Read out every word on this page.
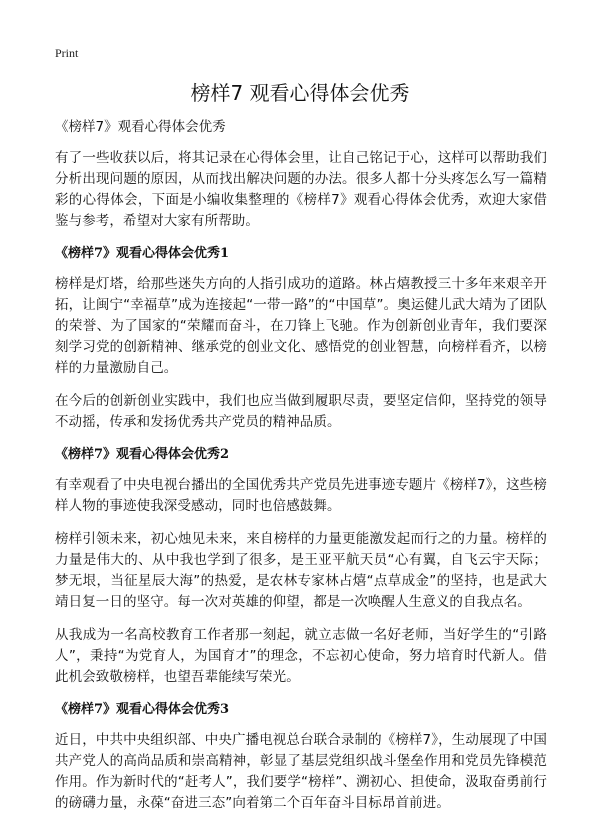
Print
榜样7 观看心得体会优秀

《榜样7》观看心得体会优秀

有了一些收获以后，将其记录在心得体会里，让自己铭记于心，这样可以帮助我们分析出现问题的原因，从而找出解决问题的办法。很多人都十分头疼怎么写一篇精彩的心得体会，下面是小编收集整理的《榜样7》观看心得体会优秀，欢迎大家借鉴与参考，希望对大家有所帮助。

《榜样7》观看心得体会优秀1

榜样是灯塔，给那些迷失方向的人指引成功的道路。林占熺教授三十多年来艰辛开拓，让闽宁“幸福草”成为连接起“一带一路”的“中国草”。奥运健儿武大靖为了团队的荣誉、为了国家的“荣耀而奋斗，在刀锋上飞驰。作为创新创业青年，我们要深刻学习党的创新精神、继承党的创业文化、感悟党的创业智慧，向榜样看齐，以榜样的力量激励自己。

在今后的创新创业实践中，我们也应当做到履职尽责，要坚定信仰，坚持党的领导不动摇，传承和发扬优秀共产党员的精神品质。

《榜样7》观看心得体会优秀2

有幸观看了中央电视台播出的全国优秀共产党员先进事迹专题片《榜样7》，这些榜样人物的事迹使我深受感动，同时也倍感鼓舞。

榜样引领未来，初心烛见未来，来自榜样的力量更能激发起而行之的力量。榜样的力量是伟大的、从中我也学到了很多，是王亚平航天员“心有翼，自飞云宇天际；梦无垠，当征星辰大海”的热爱，是农林专家林占熺“点草成金”的坚持，也是武大靖日复一日的坚守。每一次对英雄的仰望，都是一次唤醒人生意义的自我点名。

从我成为一名高校教育工作者那一刻起，就立志做一名好老师，当好学生的“引路人”，秉持“为党育人，为国育才”的理念，不忘初心使命，努力培育时代新人。借此机会致敬榜样，也望吾辈能续写荣光。

《榜样7》观看心得体会优秀3

近日，中共中央组织部、中央广播电视总台联合录制的《榜样7》，生动展现了中国共产党人的高尚品质和崇高精神，彰显了基层党组织战斗堡垒作用和党员先锋模范作用。作为新时代的“赶考人”，我们要学“榜样”、溯初心、担使命，汲取奋勇前行的磅礴力量，永葆“奋进三态”向着第二个百年奋斗目标昂首前进。
